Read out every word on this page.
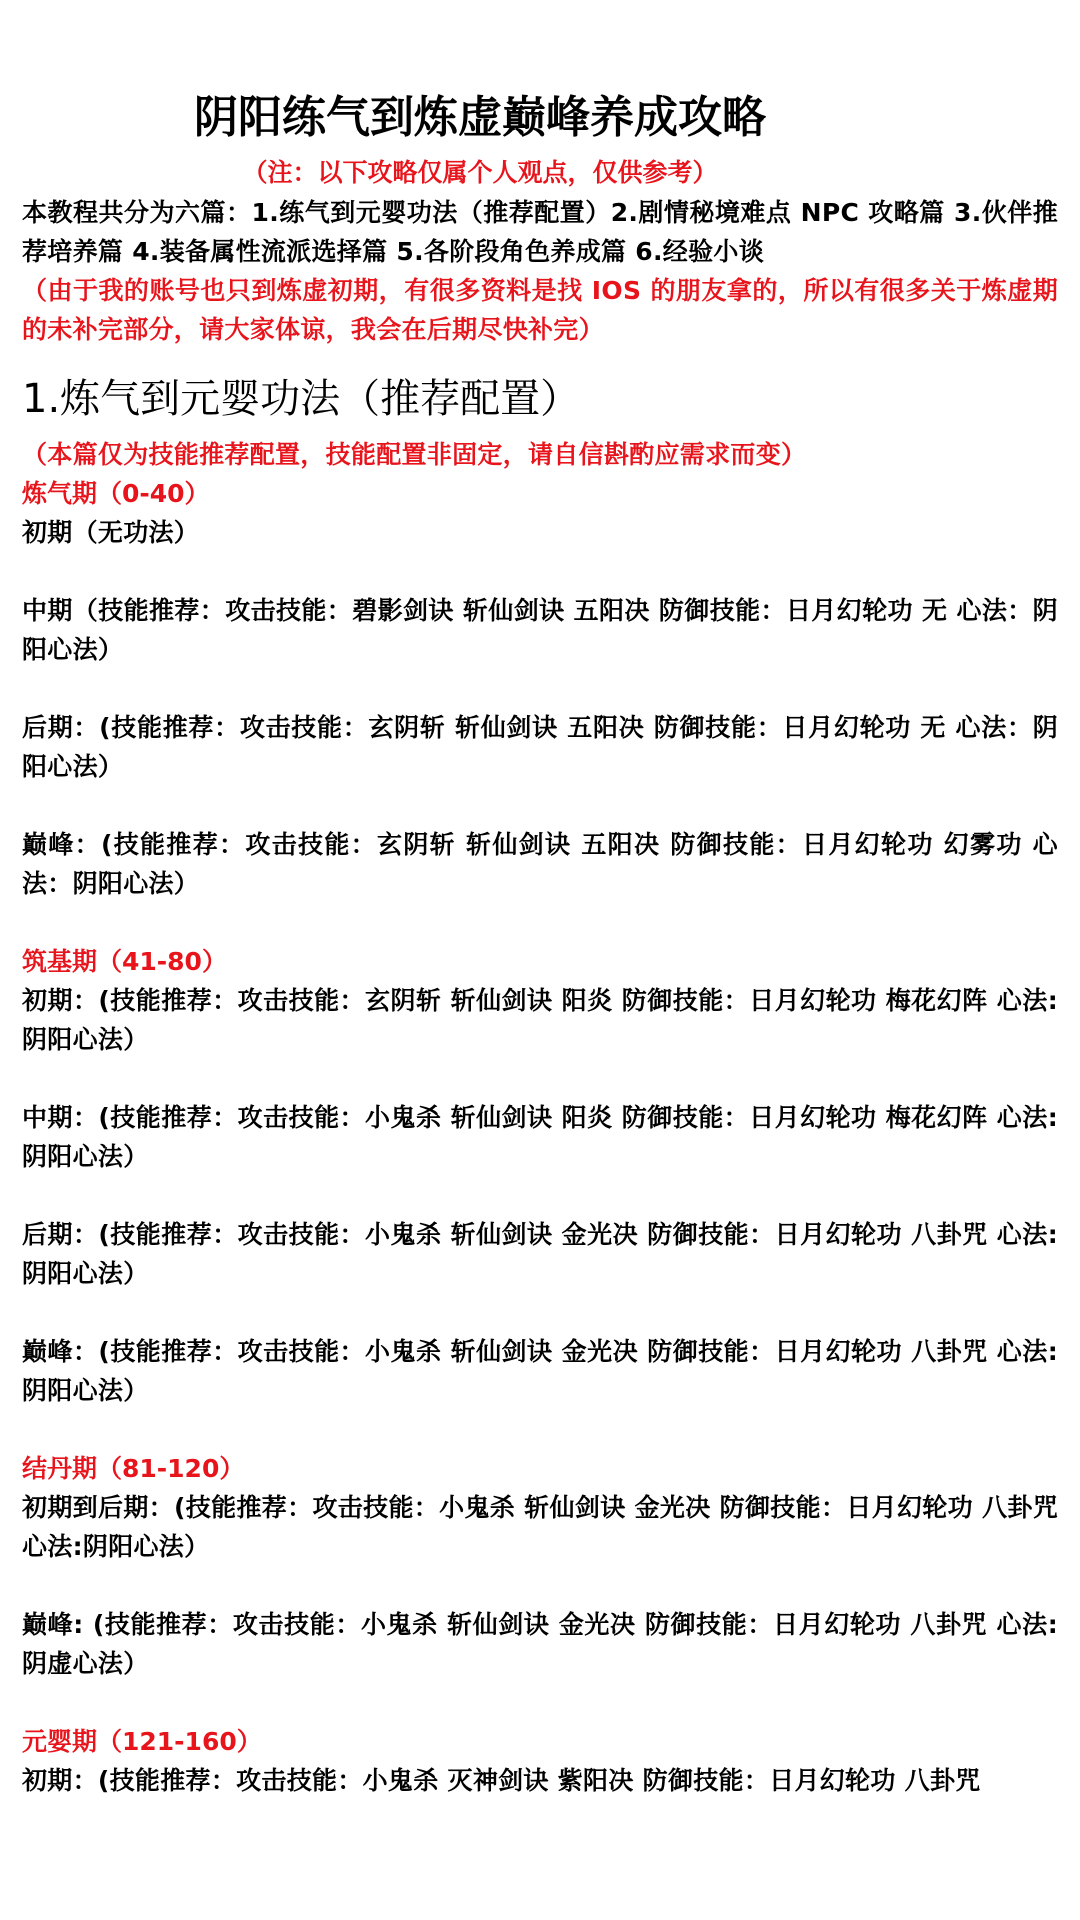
阴阳练气到炼虚巅峰养成攻略
（注：以下攻略仅属个人观点，仅供参考）

本教程共分为六篇：1.练气到元婴功法（推荐配置）2.剧情秘境难点 NPC 攻略篇 3.伙伴推荐培养篇 4.装备属性流派选择篇 5.各阶段角色养成篇 6.经验小谈

（由于我的账号也只到炼虚初期，有很多资料是找 IOS 的朋友拿的，所以有很多关于炼虚期的未补完部分，请大家体谅，我会在后期尽快补完）

1.炼气到元婴功法（推荐配置）

（本篇仅为技能推荐配置，技能配置非固定，请自信斟酌应需求而变）

炼气期（0-40）

初期（无功法）

中期（技能推荐：攻击技能：碧影剑诀 斩仙剑诀 五阳决 防御技能：日月幻轮功 无 心法：阴阳心法）

后期：(技能推荐：攻击技能：玄阴斩 斩仙剑诀 五阳决 防御技能：日月幻轮功 无 心法：阴阳心法）

巅峰：(技能推荐：攻击技能：玄阴斩 斩仙剑诀 五阳决 防御技能：日月幻轮功 幻雾功 心法：阴阳心法）

筑基期（41-80）

初期：(技能推荐：攻击技能：玄阴斩 斩仙剑诀 阳炎 防御技能：日月幻轮功 梅花幻阵 心法:阴阳心法）

中期：(技能推荐：攻击技能：小鬼杀 斩仙剑诀 阳炎 防御技能：日月幻轮功 梅花幻阵 心法:阴阳心法）

后期：(技能推荐：攻击技能：小鬼杀 斩仙剑诀 金光决 防御技能：日月幻轮功 八卦咒 心法:阴阳心法）

巅峰：(技能推荐：攻击技能：小鬼杀 斩仙剑诀 金光决 防御技能：日月幻轮功 八卦咒 心法:阴阳心法）

结丹期（81-120）

初期到后期：(技能推荐：攻击技能：小鬼杀 斩仙剑诀 金光决 防御技能：日月幻轮功 八卦咒 心法:阴阳心法）

巅峰: (技能推荐：攻击技能：小鬼杀 斩仙剑诀 金光决 防御技能：日月幻轮功 八卦咒 心法:阴虚心法）

元婴期（121-160）

初期：(技能推荐：攻击技能：小鬼杀 灭神剑诀 紫阳决 防御技能：日月幻轮功 八卦咒
